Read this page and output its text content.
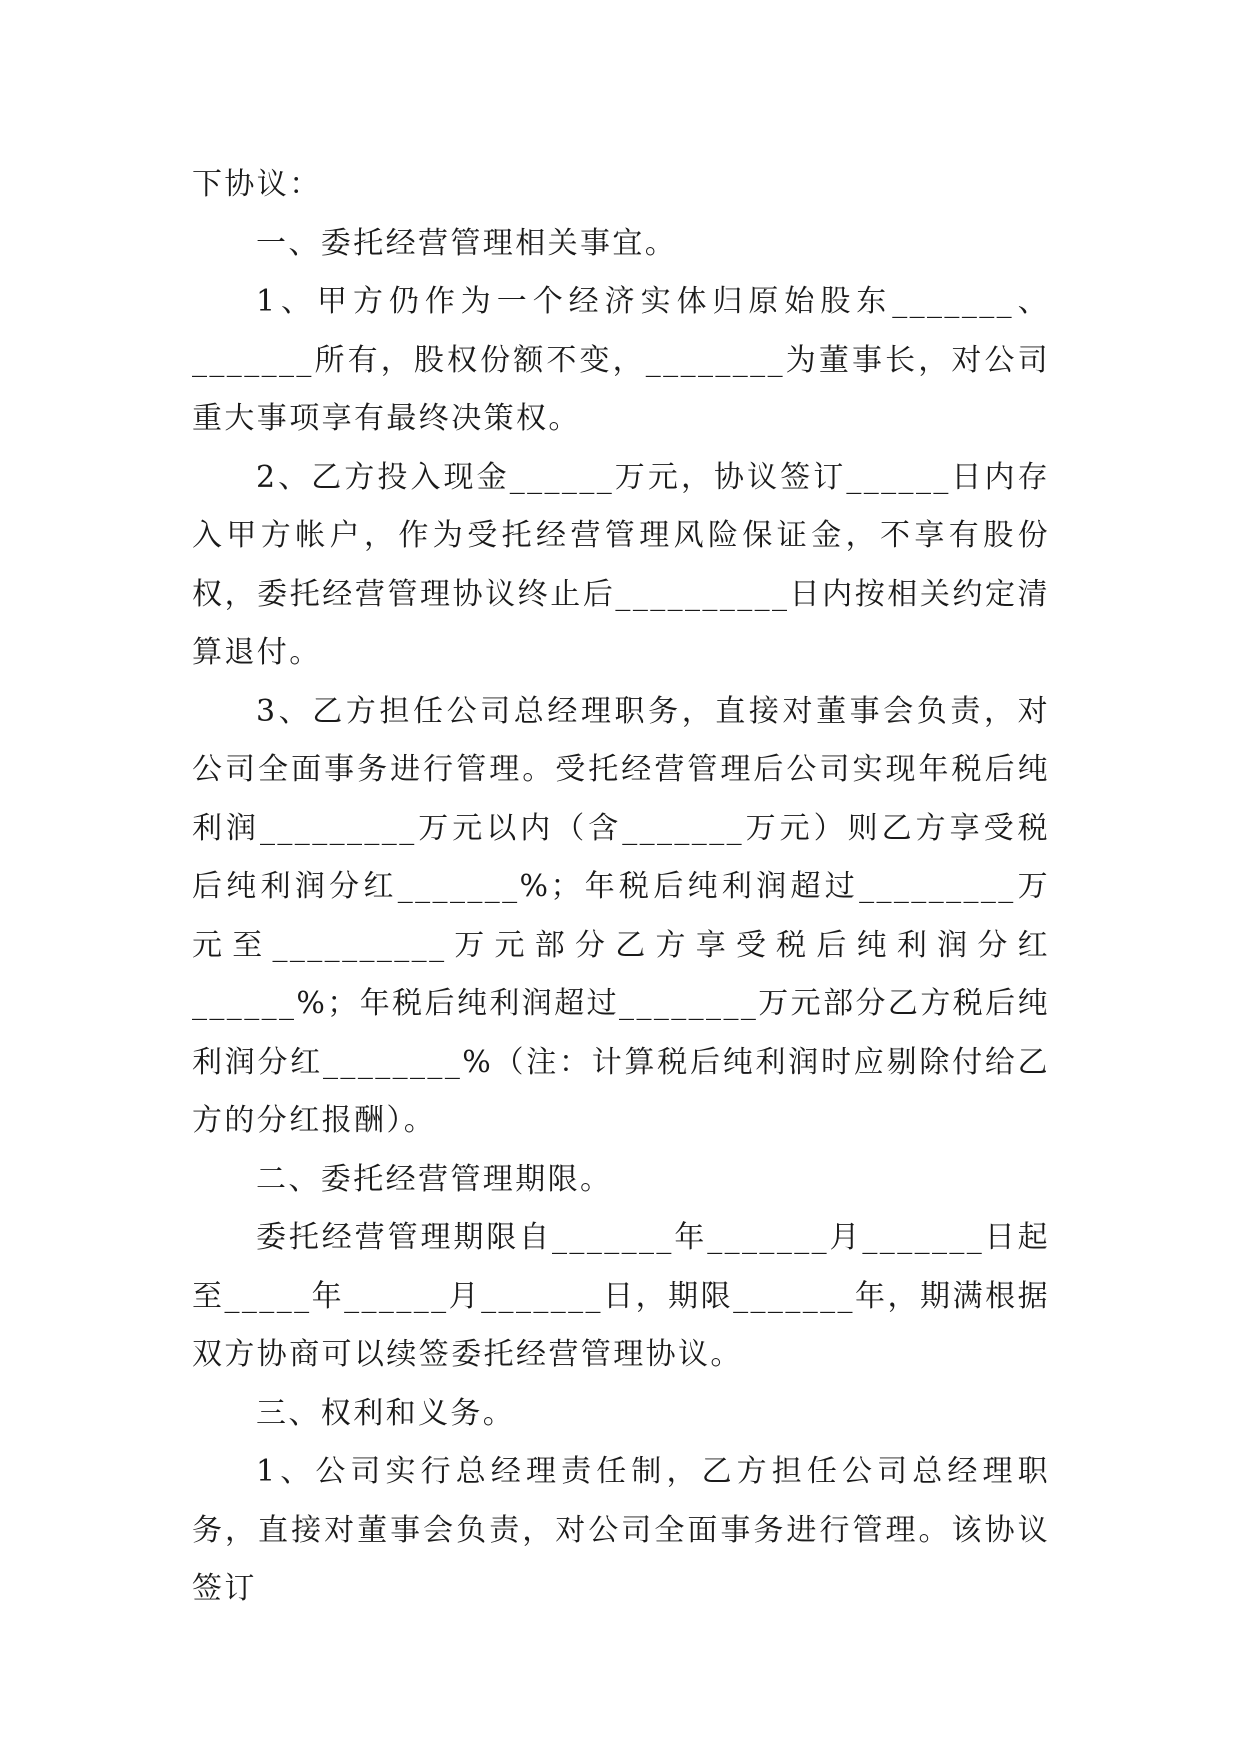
下协议：

一、委托经营管理相关事宜。

1、甲方仍作为一个经济实体归原始股东_______、_______所有，股权份额不变，________为董事长，对公司重大事项享有最终决策权。

2、乙方投入现金______万元，协议签订______日内存入甲方帐户，作为受托经营管理风险保证金，不享有股份权，委托经营管理协议终止后__________日内按相关约定清算退付。

3、乙方担任公司总经理职务，直接对董事会负责，对公司全面事务进行管理。受托经营管理后公司实现年税后纯利润_________万元以内（含_______万元）则乙方享受税后纯利润分红_______%；年税后纯利润超过_________万元至__________万元部分乙方享受税后纯利润分红______%；年税后纯利润超过________万元部分乙方税后纯利润分红________%（注：计算税后纯利润时应剔除付给乙方的分红报酬）。

二、委托经营管理期限。

委托经营管理期限自_______年_______月_______日起至_____年______月_______日，期限_______年，期满根据双方协商可以续签委托经营管理协议。

三、权利和义务。

1、公司实行总经理责任制，乙方担任公司总经理职务，直接对董事会负责，对公司全面事务进行管理。该协议签订
